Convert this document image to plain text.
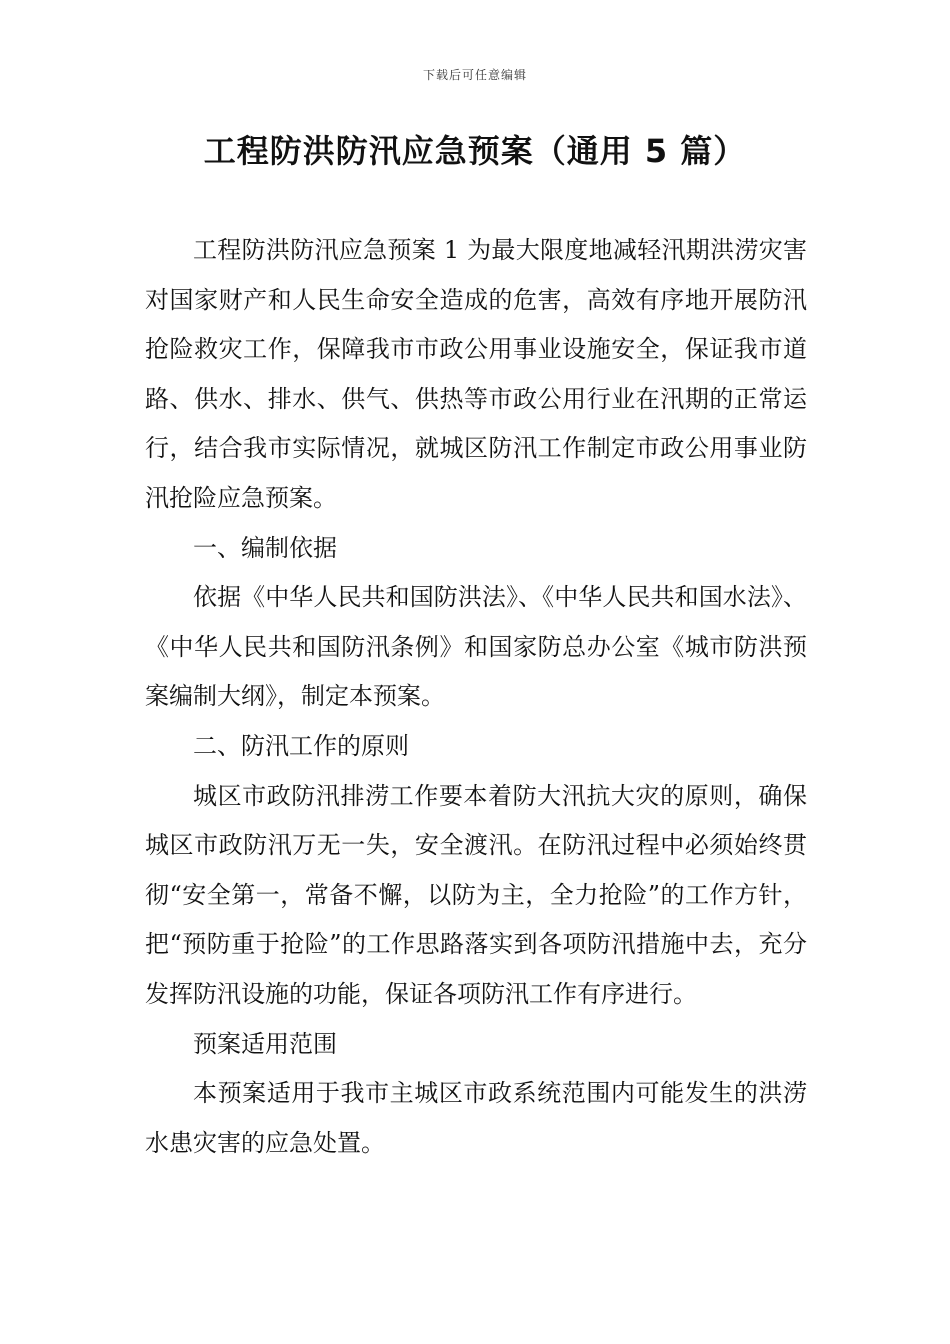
下载后可任意编辑
工程防洪防汛应急预案（通用 5 篇）

工程防洪防汛应急预案 1 为最大限度地减轻汛期洪涝灾害对国家财产和人民生命安全造成的危害，高效有序地开展防汛抢险救灾工作，保障我市市政公用事业设施安全，保证我市道路、供水、排水、供气、供热等市政公用行业在汛期的正常运行，结合我市实际情况，就城区防汛工作制定市政公用事业防汛抢险应急预案。

一、编制依据

依据《中华人民共和国防洪法》、《中华人民共和国水法》、《中华人民共和国防汛条例》和国家防总办公室《城市防洪预案编制大纲》，制定本预案。

二、防汛工作的原则

城区市政防汛排涝工作要本着防大汛抗大灾的原则，确保城区市政防汛万无一失，安全渡汛。在防汛过程中必须始终贯彻“安全第一，常备不懈，以防为主，全力抢险”的工作方针，把“预防重于抢险”的工作思路落实到各项防汛措施中去，充分发挥防汛设施的功能，保证各项防汛工作有序进行。

预案适用范围

本预案适用于我市主城区市政系统范围内可能发生的洪涝水患灾害的应急处置。
